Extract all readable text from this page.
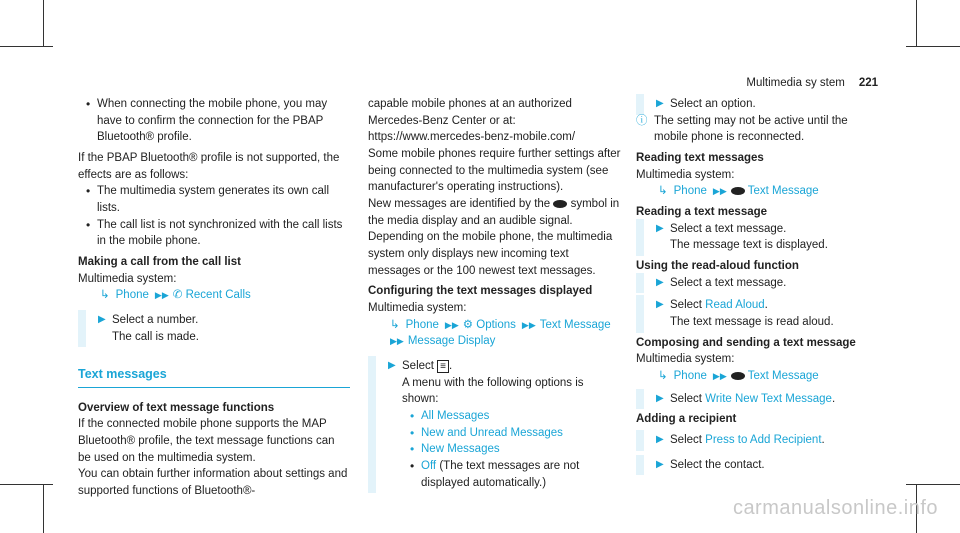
Multimedia sy stem 221

• When connecting the mobile phone, you may have to confirm the connection for the PBAP Bluetooth® profile.

If the PBAP Bluetooth® profile is not supported, the effects are as follows:

• The multimedia system generates its own call lists.

• The call list is not synchronized with the call lists in the mobile phone.

Making a call from the call list

Multimedia system:

↳ Phone ▶▶ ✆ Recent Calls

▶ Select a number.

The call is made.

Text messages

Overview of text message functions

If the connected mobile phone supports the MAP Bluetooth® profile, the text message functions can be used on the multimedia system.

You can obtain further information about settings and supported functions of Bluetooth®-

capable mobile phones at an authorized Mercedes-Benz Center or at: https://www.mercedes-benz-mobile.com/

Some mobile phones require further settings after being connected to the multimedia system (see manufacturer's operating instructions).

New messages are identified by the symbol in the media display and an audible signal.

Depending on the mobile phone, the multimedia system only displays new incoming text messages or the 100 newest text messages.

Configuring the text messages displayed

Multimedia system:

↳ Phone ▶▶ ⚙ Options ▶▶ Text Message
▶▶ Message Display

▶ Select ≡ .

A menu with the following options is shown:

• All Messages

• New and Unread Messages

• New Messages

• Off (The text messages are not displayed automatically.)

▶ Select an option.

ⓘ The setting may not be active until the mobile phone is reconnected.

Reading text messages

Multimedia system:

↳ Phone ▶▶ Text Message

Reading a text message

▶ Select a text message.

The message text is displayed.

Using the read-aloud function

▶ Select a text message.

▶ Select Read Aloud.

The text message is read aloud.

Composing and sending a text message

Multimedia system:

↳ Phone ▶▶ Text Message

▶ Select Write New Text Message.

Adding a recipient

▶ Select Press to Add Recipient.

▶ Select the contact.

carmanualsonline.info
